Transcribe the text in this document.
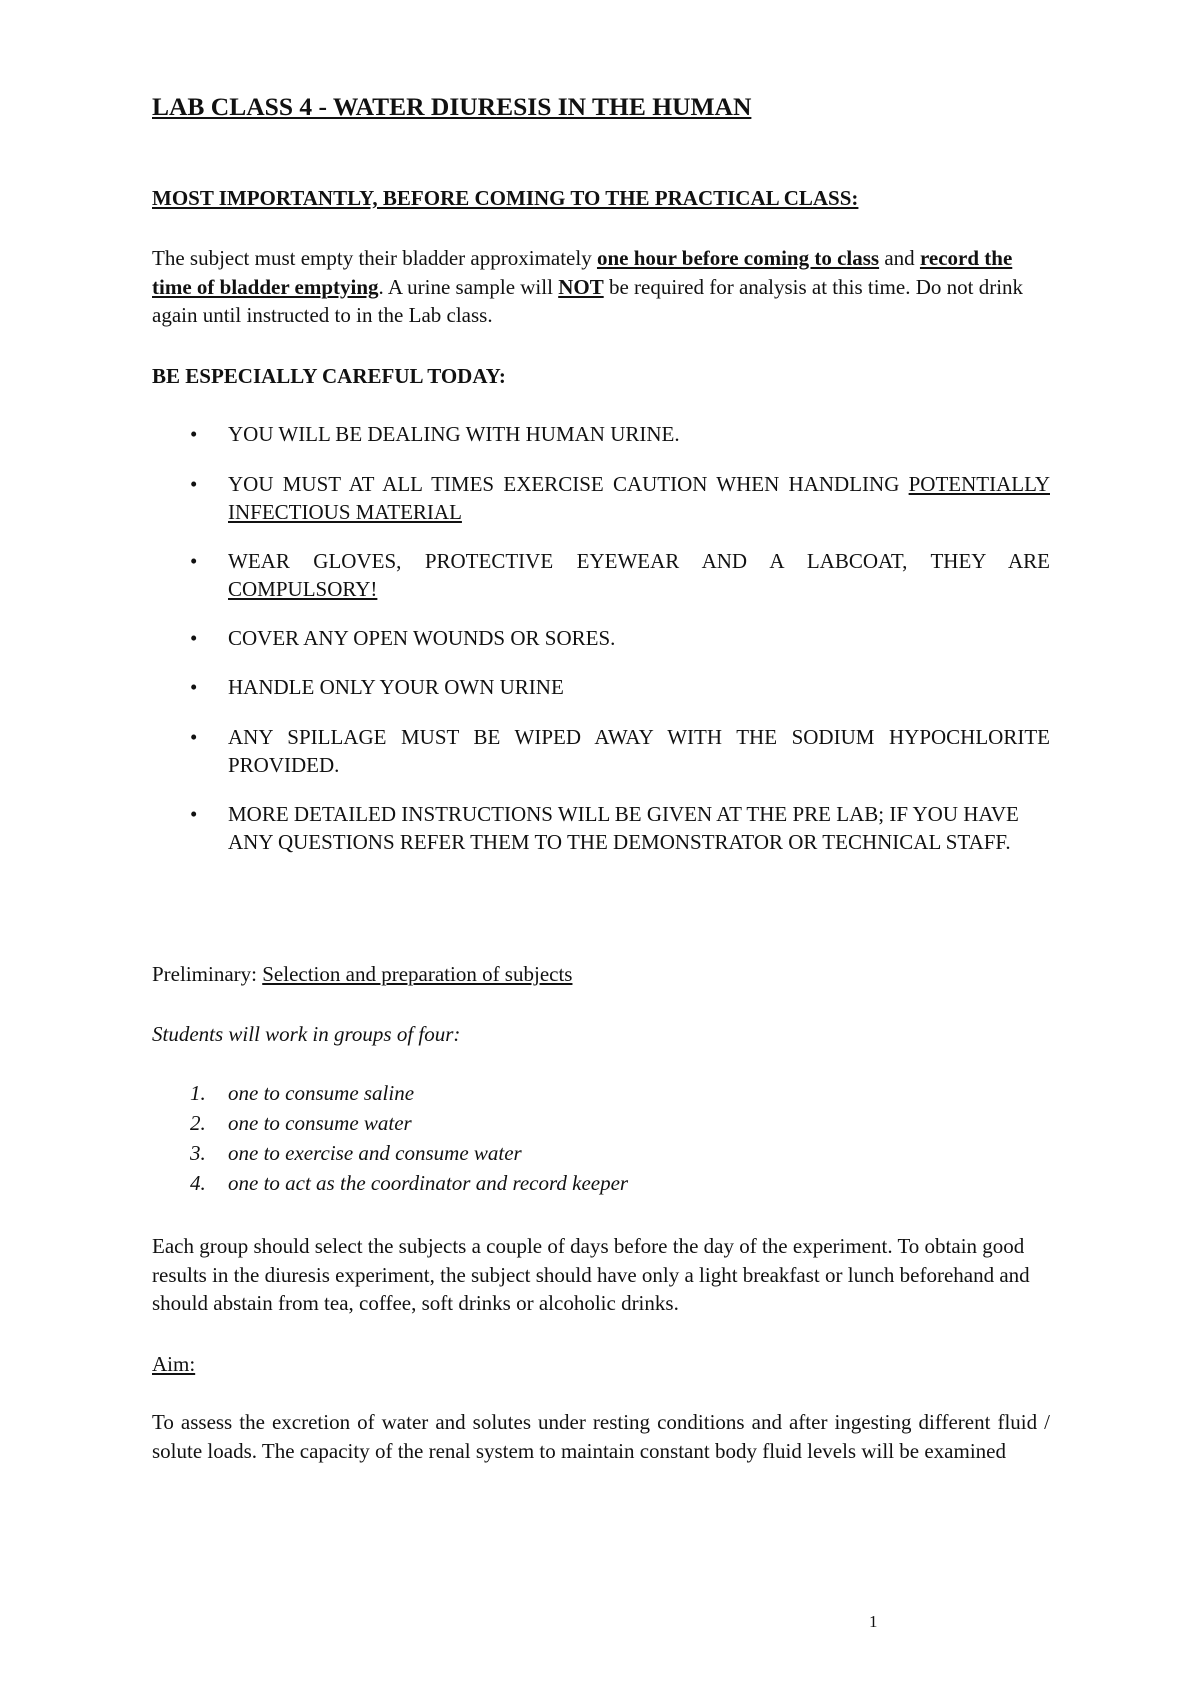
LAB CLASS 4 - WATER DIURESIS IN THE HUMAN
MOST IMPORTANTLY, BEFORE COMING TO THE PRACTICAL CLASS:

The subject must empty their bladder approximately one hour before coming to class and record the time of bladder emptying. A urine sample will NOT be required for analysis at this time. Do not drink again until instructed to in the Lab class.

BE ESPECIALLY CAREFUL TODAY:
• YOU WILL BE DEALING WITH HUMAN URINE.
• YOU MUST AT ALL TIMES EXERCISE CAUTION WHEN HANDLING POTENTIALLY INFECTIOUS MATERIAL
• WEAR GLOVES, PROTECTIVE EYEWEAR AND A LABCOAT, THEY ARE COMPULSORY!
• COVER ANY OPEN WOUNDS OR SORES.
• HANDLE ONLY YOUR OWN URINE
• ANY SPILLAGE MUST BE WIPED AWAY WITH THE SODIUM HYPOCHLORITE PROVIDED.
• MORE DETAILED INSTRUCTIONS WILL BE GIVEN AT THE PRE LAB; IF YOU HAVE ANY QUESTIONS REFER THEM TO THE DEMONSTRATOR OR TECHNICAL STAFF.

Preliminary: Selection and preparation of subjects

Students will work in groups of four:

1. one to consume saline
2. one to consume water
3. one to exercise and consume water
4. one to act as the coordinator and record keeper

Each group should select the subjects a couple of days before the day of the experiment. To obtain good results in the diuresis experiment, the subject should have only a light breakfast or lunch beforehand and should abstain from tea, coffee, soft drinks or alcoholic drinks.

Aim:

To assess the excretion of water and solutes under resting conditions and after ingesting different fluid / solute loads. The capacity of the renal system to maintain constant body fluid levels will be examined

1
